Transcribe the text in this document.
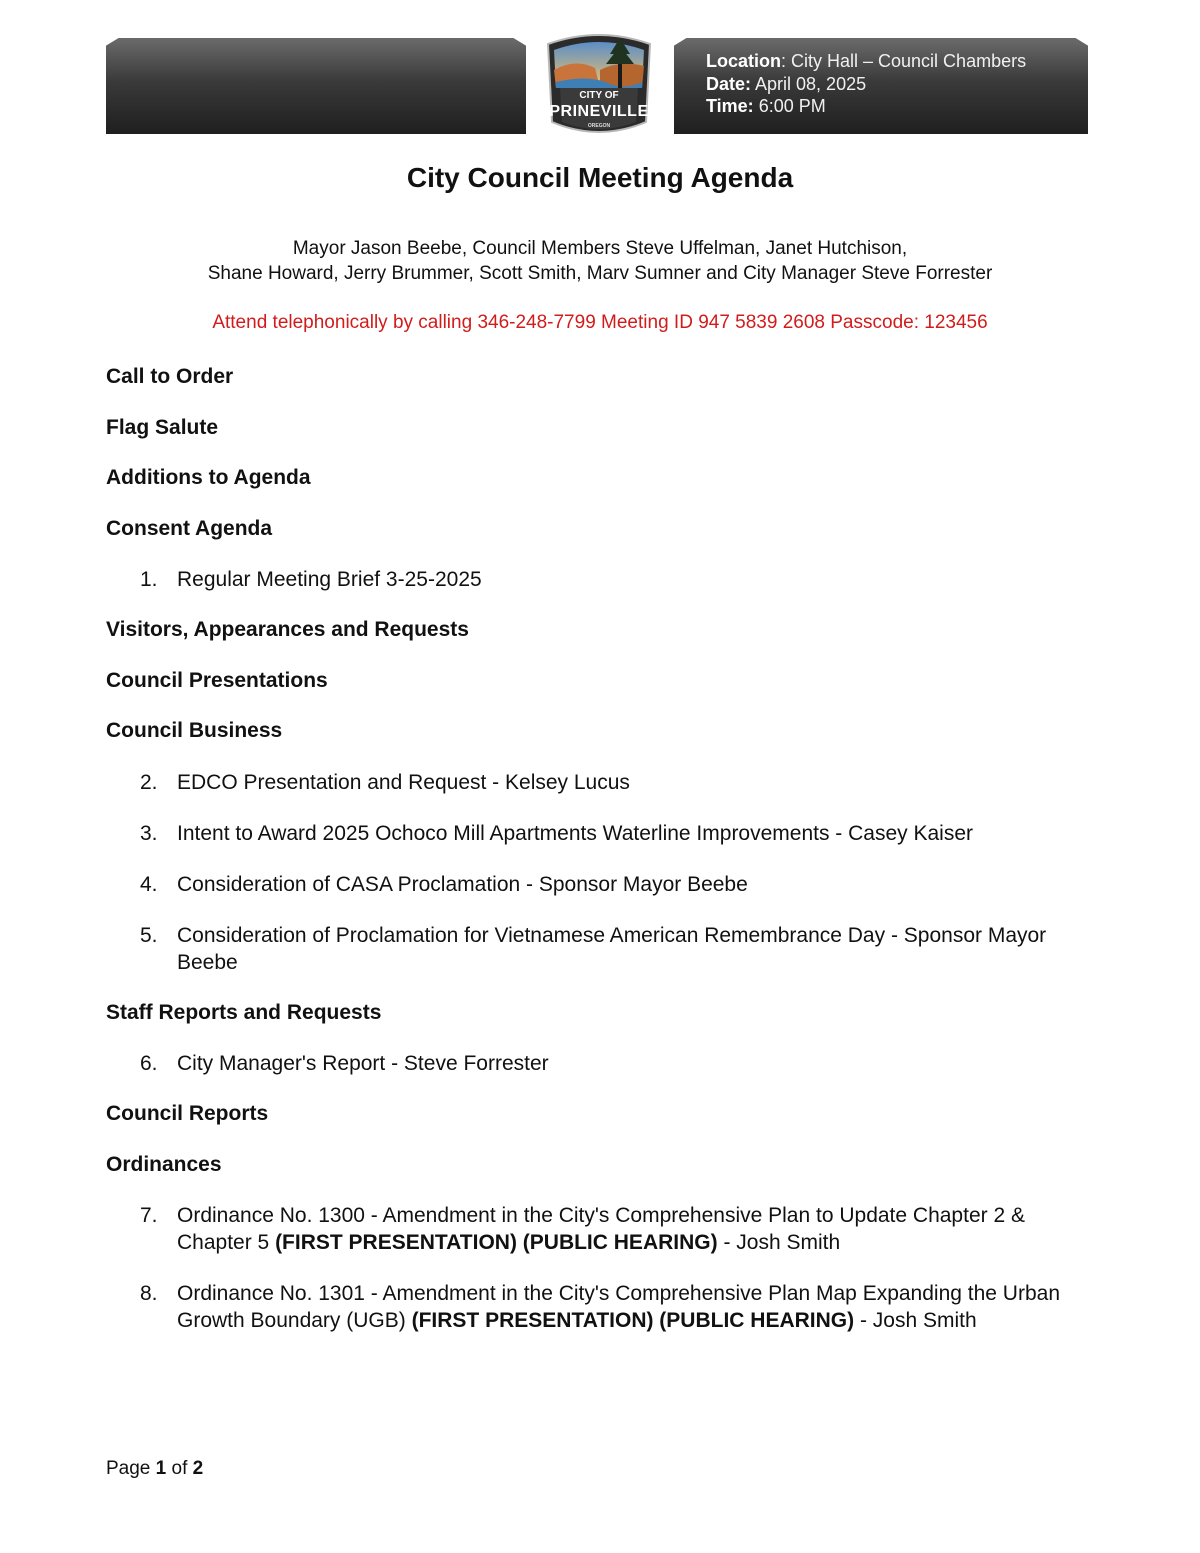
Location: City Hall – Council Chambers
Date: April 08, 2025
Time: 6:00 PM
CITY OF
PRINEVILLE
OREGON
City Council Meeting Agenda
Mayor Jason Beebe, Council Members Steve Uffelman, Janet Hutchison,
Shane Howard, Jerry Brummer, Scott Smith, Marv Sumner and City Manager Steve Forrester
Attend telephonically by calling 346-248-7799 Meeting ID 947 5839 2608 Passcode: 123456
Call to Order
Flag Salute
Additions to Agenda
Consent Agenda
1. Regular Meeting Brief 3-25-2025
Visitors, Appearances and Requests
Council Presentations
Council Business
2. EDCO Presentation and Request - Kelsey Lucus
3. Intent to Award 2025 Ochoco Mill Apartments Waterline Improvements - Casey Kaiser
4. Consideration of CASA Proclamation - Sponsor Mayor Beebe
5. Consideration of Proclamation for Vietnamese American Remembrance Day - Sponsor Mayor Beebe
Staff Reports and Requests
6. City Manager's Report - Steve Forrester
Council Reports
Ordinances
7. Ordinance No. 1300 - Amendment in the City's Comprehensive Plan to Update Chapter 2 & Chapter 5 (FIRST PRESENTATION) (PUBLIC HEARING) - Josh Smith
8. Ordinance No. 1301 - Amendment in the City's Comprehensive Plan Map Expanding the Urban Growth Boundary (UGB) (FIRST PRESENTATION) (PUBLIC HEARING) - Josh Smith
Page 1 of 2
